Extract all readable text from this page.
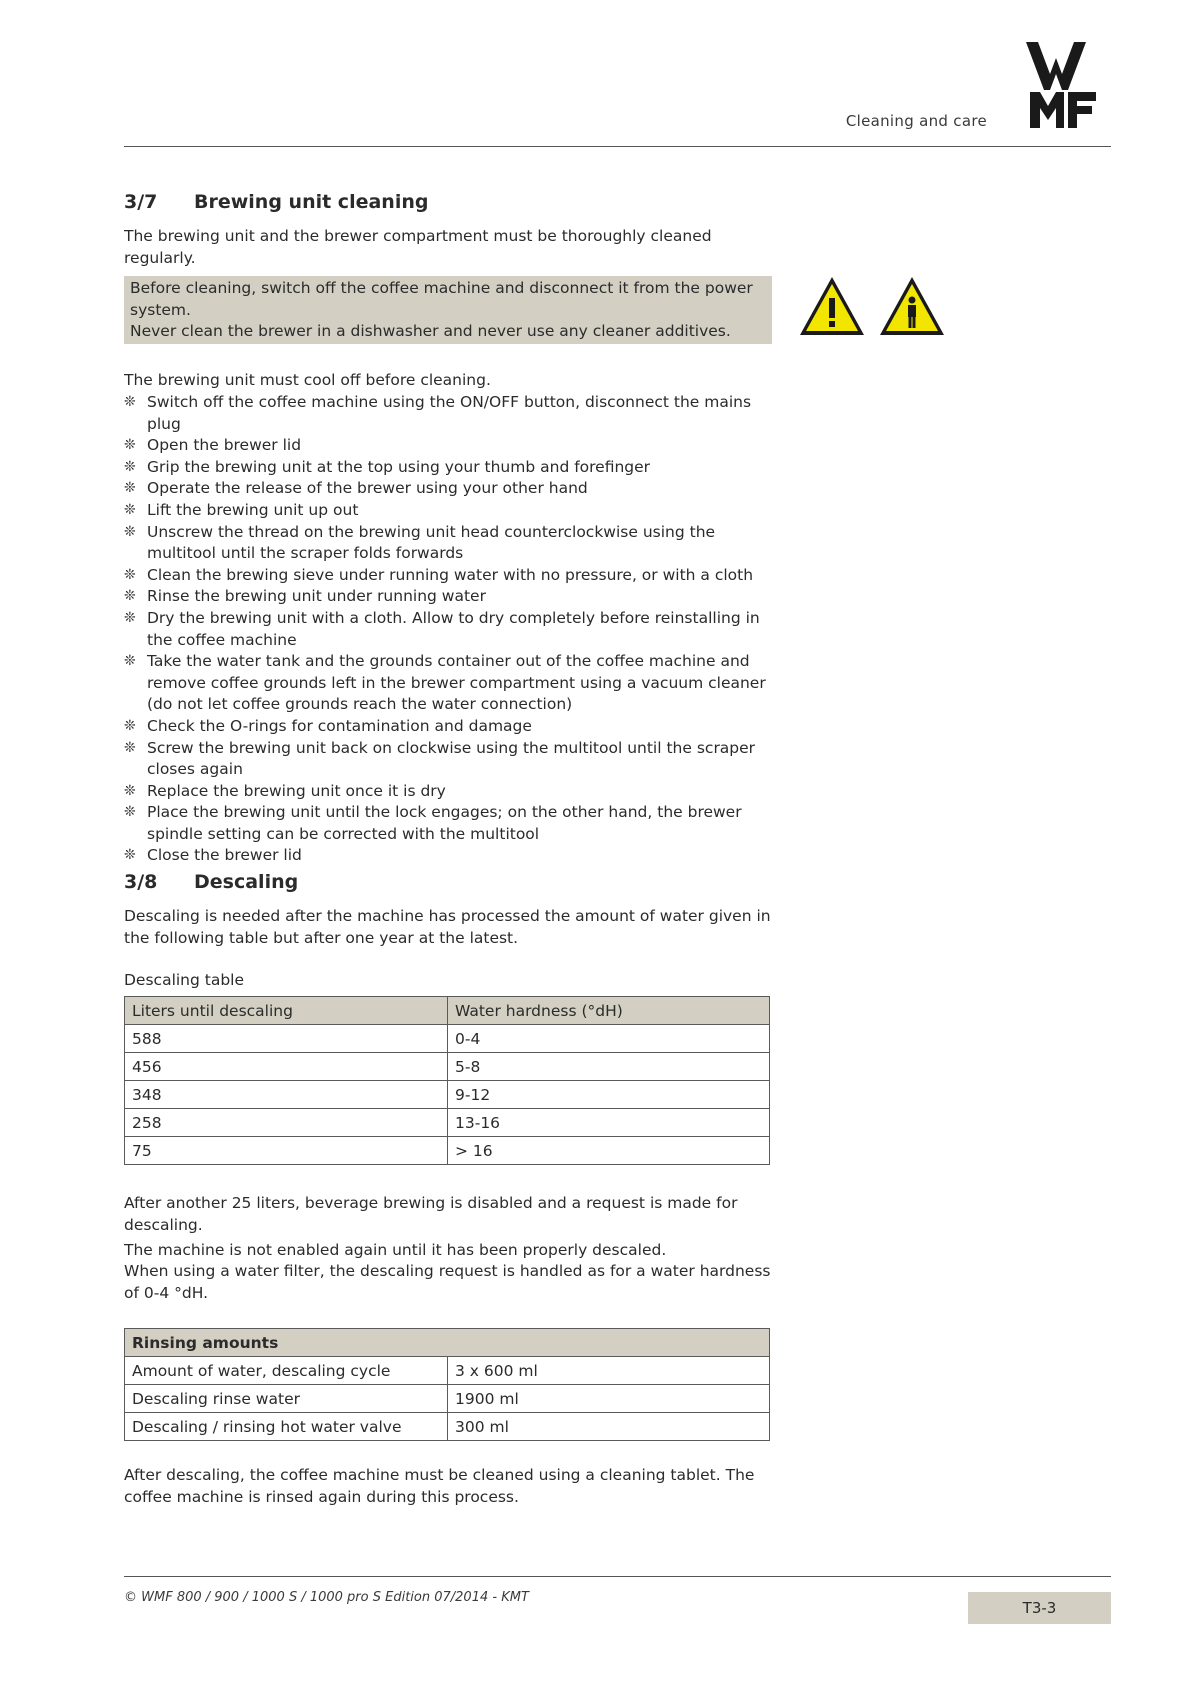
Cleaning and care
3/7 Brewing unit cleaning
The brewing unit and the brewer compartment must be thoroughly cleaned regularly.
Before cleaning, switch off the coffee machine and disconnect it from the power system.
Never clean the brewer in a dishwasher and never use any cleaner additives.
The brewing unit must cool off before cleaning.
❊ Switch off the coffee machine using the ON/OFF button, disconnect the mains plug
❊ Open the brewer lid
❊ Grip the brewing unit at the top using your thumb and forefinger
❊ Operate the release of the brewer using your other hand
❊ Lift the brewing unit up out
❊ Unscrew the thread on the brewing unit head counterclockwise using the multitool until the scraper folds forwards
❊ Clean the brewing sieve under running water with no pressure, or with a cloth
❊ Rinse the brewing unit under running water
❊ Dry the brewing unit with a cloth. Allow to dry completely before reinstalling in the coffee machine
❊ Take the water tank and the grounds container out of the coffee machine and remove coffee grounds left in the brewer compartment using a vacuum cleaner (do not let coffee grounds reach the water connection)
❊ Check the O-rings for contamination and damage
❊ Screw the brewing unit back on clockwise using the multitool until the scraper closes again
❊ Replace the brewing unit once it is dry
❊ Place the brewing unit until the lock engages; on the other hand, the brewer spindle setting can be corrected with the multitool
❊ Close the brewer lid
3/8 Descaling
Descaling is needed after the machine has processed the amount of water given in the following table but after one year at the latest.
Descaling table
Liters until descaling	Water hardness (°dH)
588	0-4
456	5-8
348	9-12
258	13-16
75	> 16
After another 25 liters, beverage brewing is disabled and a request is made for descaling.
The machine is not enabled again until it has been properly descaled.
When using a water filter, the descaling request is handled as for a water hardness of 0-4 °dH.
Rinsing amounts	
Amount of water, descaling cycle	3 x 600 ml
Descaling rinse water	1900 ml
Descaling / rinsing hot water valve	300 ml
After descaling, the coffee machine must be cleaned using a cleaning tablet. The coffee machine is rinsed again during this process.
© WMF 800 / 900 / 1000 S / 1000 pro S Edition 07/2014 - KMT
T3-3
